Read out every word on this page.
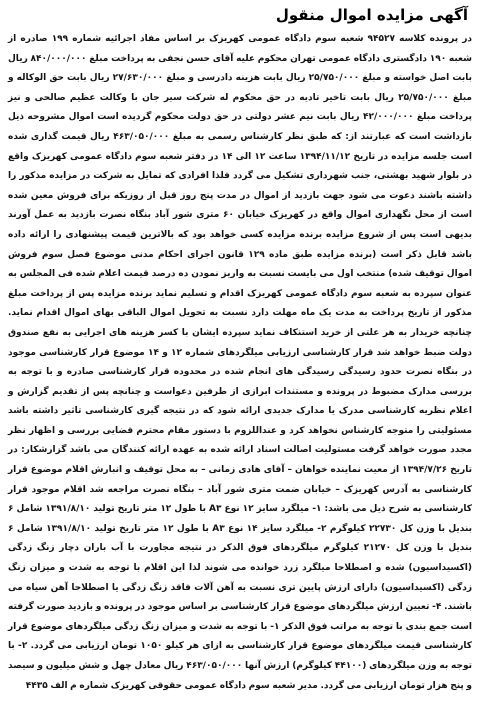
آگهی مزایده اموال منقول

در پرونده کلاسه ۹۴۵۲۷ شعبه سوم دادگاه عمومی کهریزک بر اساس مفاد اجرائیه شماره ۱۹۹ صادره از شعبه ۱۹۰ دادگستری دادگاه عمومی تهران محکوم علیه آقای حسن نجفی به پرداخت مبلغ ۸۴۰/۰۰۰/۰۰۰ ریال بابت اصل خواسته و مبلغ ۲۵/۷۵۰/۰۰۰ ریال بابت هزینه دادرسی و مبلغ ۲۷/۶۳۰/۰۰۰ ریال بابت حق الوکاله و مبلغ ۲۵/۷۵۰/۰۰۰ ریال بابت تاخیر تادیه در حق محکوم له شرکت سیر جان با وکالت عظیم صالحی و نیز پرداخت مبلغ ۴۲/۰۰۰/۰۰۰ ریال بابت نیم عشر دولتی در حق دولت محکوم گردیده است اموال مشروحه ذیل بازداشت است که عبارتند از: که طبق نظر کارشناس رسمی به مبلغ ۴۶۳/۰۵۰/۰۰۰ ریال قیمت گذاری شده است جلسه مزایده در تاریخ ۱۳۹۴/۱۱/۱۲ ساعت ۱۲ الی ۱۴ در دفتر شعبه سوم دادگاه عمومی کهریزک واقع در بلوار شهید بهشتی، جنب شهرداری تشکیل می گردد فلذا افرادی که تمایل به شرکت در مزایده مذکور را داشته باشند دعوت می شود جهت بازدید از اموال در مدت پنج روز قبل از روزیکه برای فروش معین شده است از محل نگهداری اموال واقع در کهریزک خیابان ۶۰ متری شور آباد بنگاه نصرت بازدید به عمل آورند بدیهی است پس از شروع مزایده برنده مزایده کسی خواهد بود که بالاترین قیمت پیشنهادی را ارائه داده باشد قابل ذکر است (برنده مزایده طبق ماده ۱۲۹ قانون اجرای احکام مدنی موضوع فصل سوم فروش اموال توقیف شده) منتخب اول می بایست نسبت به واریز نمودن ده درصد قیمت اعلام شده فی المجلس به عنوان سپرده به شعبه سوم دادگاه عمومی کهریزک اقدام و تسلیم نماید برنده مزایده پس از پرداخت مبلغ مذکور از تاریخ پرداخت به مدت یک ماه مهلت دارد نسبت به تحویل اموال الباقی بهای اموال اقدام نماید. چنانچه خریدار به هر علتی از خرید استنکاف نماید سپرده ایشان با کسر هزینه های اجرایی به نفع صندوق دولت ضبط خواهد شد قرار کارشناسی ارزیابی میلگردهای شماره ۱۲ و ۱۴ موضوع قرار کارشناسی موجود در بنگاه نصرت حدود رسیدگی رسیدگی های انجام شده در محدوده قرار کارشناسی صادره و با توجه به بررسی مدارک مضبوط در پرونده و مستندات ابرازی از طرفین دعواست و چنانچه پس از تقدیم گزارش و اعلام نظریه کارشناسی مدرک یا مدارک جدیدی ارائه شود که در نتیجه گیری کارشناسی تاثیر داشته باشد مسئولیتی را متوجه کارشناس نخواهد کرد و عنداللزوم با دستور مقام محترم قضایی بررسی و اظهار نظر مجدد صورت خواهد گرفت مستولیت اصالت اسناد ارائه شده به عهده ارائه کنندگان می باشد گزارشکار: در تاریخ ۱۳۹۴/۷/۲۶ از معیت نماینده خواهان – آقای هادی زمانی – به محل توقیف و انبارش اقلام موضوع قرار کارشناسی به آدرس کهریزک – خیابان ضمت متری شور آباد – بنگاه نصرت مراجعه شد اقلام موجود قرار کارشناسی به شرح ذیل می باشد: ۱- میلگرد سایز ۱۲ نوع A۳ با طول ۱۲ متر تاریخ تولید ۱۳۹۱/۸/۱۰ شامل ۶ بندیل با وزن کل ۲۲۷۳۰ کیلوگرم ۲- میلگرد سایز ۱۴ نوع A۳ با طول ۱۲ متر تاریخ تولید ۱۳۹۱/۸/۱۰ شامل ۶ بندیل با وزن کل ۲۱۲۷۰ کیلوگرم میلگردهای فوق الذکر در نتیجه مجاورت با آب باران دچار زنگ زدگی (اکسیداسیون) شده و اصطلاحا میلگرد زرد خوانده می شوند لذا این اقلام با توجه به شدت و میزان زنگ زدگی (اکسیداسیون) دارای ارزش پایین تری نسبت به آهن آلات فاقد زنگ زدگی یا اصطلاحا آهن سیاه می باشند. ۴- تعیین ارزش میلگردهای موضوع قرار کارشناسی بر اساس موجود در پرونده و بازدید صورت گرفته است جمع بندی با توجه به مراتب فوق الذکر ۱- با توجه به شدت و میزان زنگ زدگی میلگردهای موضوع قرار کارشناسی قیمت میلگردهای موضوع قرار کارشناسی به ازای هر کیلو ۱۰۵۰ تومان ارزیابی می گردد. ۲- با توجه به وزن میلگردهای (۴۴۱۰۰ کیلوگرم) ارزش آنها ۴۶۳/۰۵۰/۰۰۰ ریال معادل چهل و شش میلیون و سیصد و پنج هزار تومان ارزیابی می گردد. مدیر شعبه سوم دادگاه عمومی حقوقی کهریزک شماره م الف ۴۴۳۵
